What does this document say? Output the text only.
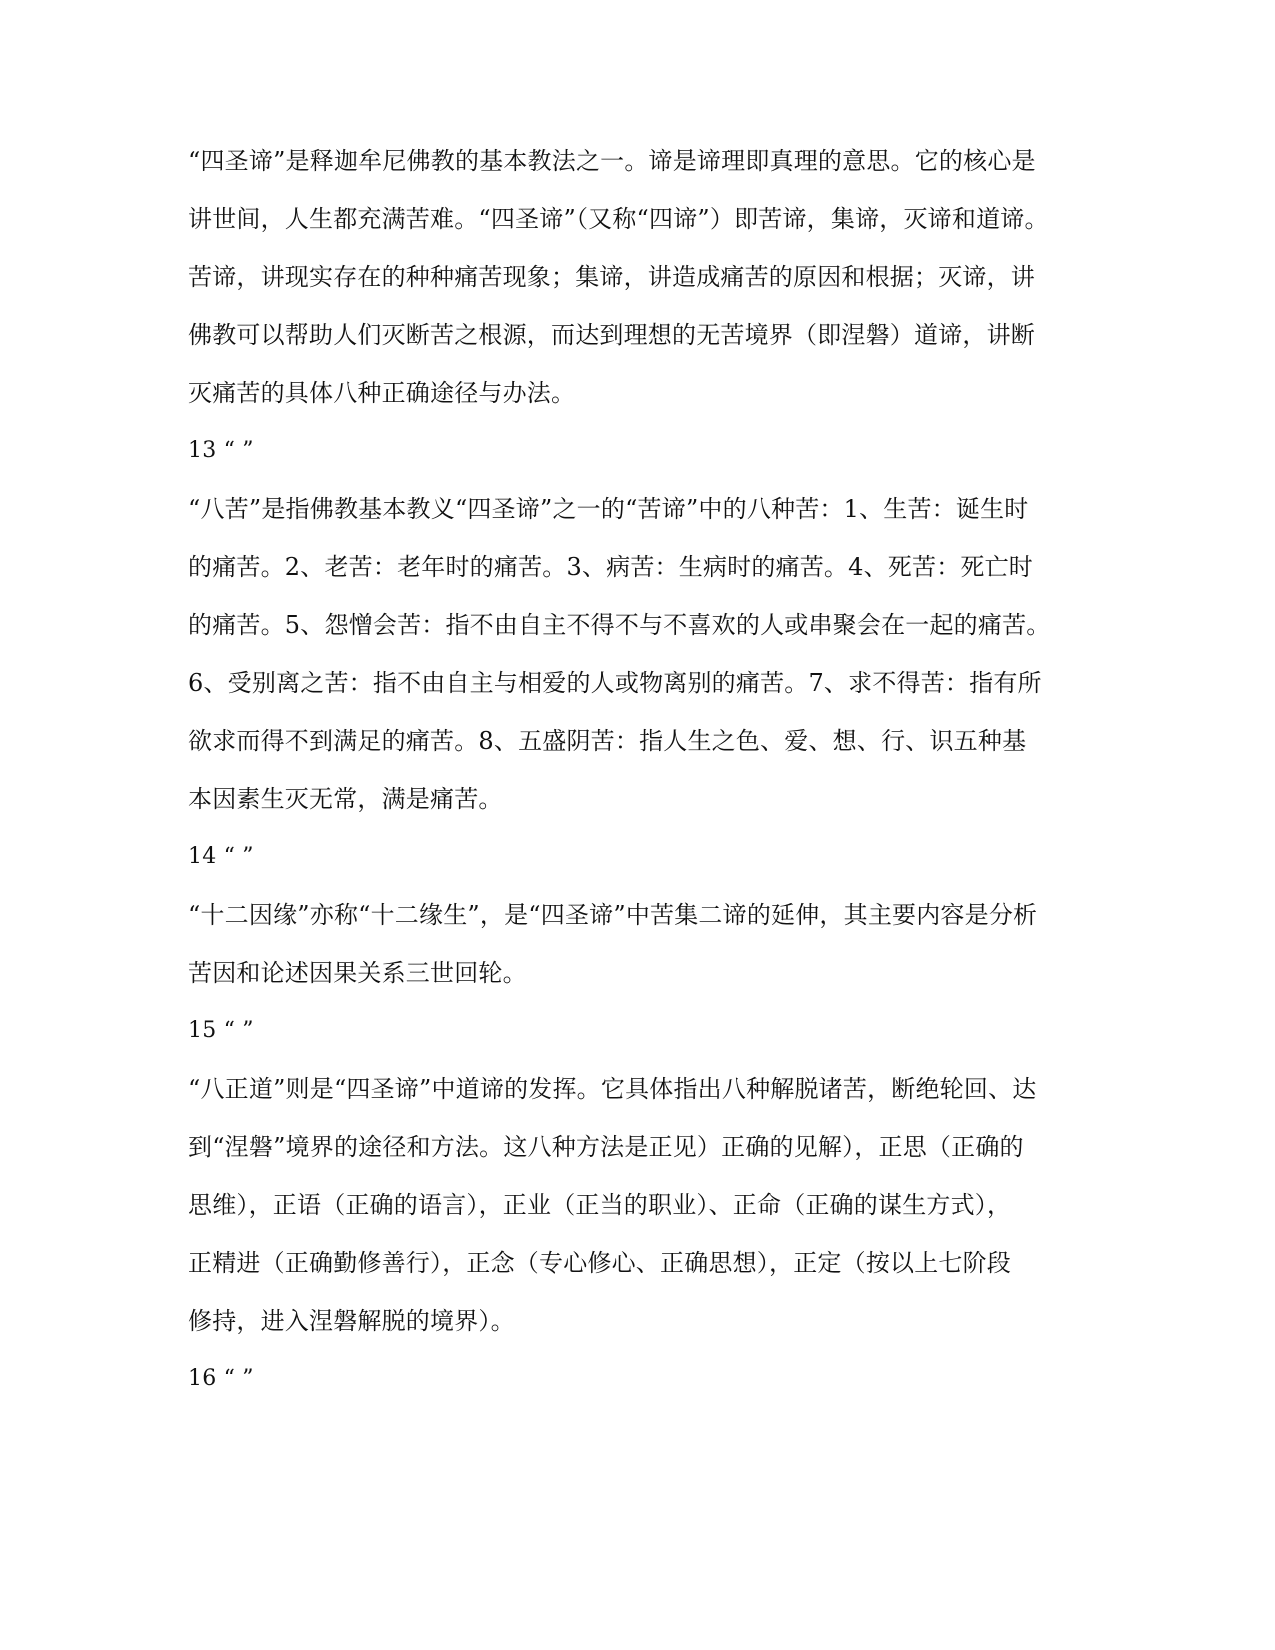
“四圣谛”是释迦牟尼佛教的基本教法之一。谛是谛理即真理的意思。它的核心是
讲世间，人生都充满苦难。“四圣谛”（又称“四谛”）即苦谛，集谛，灭谛和道谛。
苦谛，讲现实存在的种种痛苦现象；集谛，讲造成痛苦的原因和根据；灭谛，讲
佛教可以帮助人们灭断苦之根源，而达到理想的无苦境界（即涅磐）道谛，讲断
灭痛苦的具体八种正确途径与办法。
13 “ ”
“八苦”是指佛教基本教义“四圣谛”之一的“苦谛”中的八种苦：1、生苦：诞生时
的痛苦。2、老苦：老年时的痛苦。3、病苦：生病时的痛苦。4、死苦：死亡时
的痛苦。5、怨憎会苦：指不由自主不得不与不喜欢的人或串聚会在一起的痛苦。
6、受别离之苦：指不由自主与相爱的人或物离别的痛苦。7、求不得苦：指有所
欲求而得不到满足的痛苦。8、五盛阴苦：指人生之色、爱、想、行、识五种基
本因素生灭无常，满是痛苦。
14 “ ”
“十二因缘”亦称“十二缘生”，是“四圣谛”中苦集二谛的延伸，其主要内容是分析
苦因和论述因果关系三世回轮。
15 “ ”
“八正道”则是“四圣谛”中道谛的发挥。它具体指出八种解脱诸苦，断绝轮回、达
到“涅磐”境界的途径和方法。这八种方法是正见）正确的见解），正思（正确的
思维），正语（正确的语言），正业（正当的职业）、正命（正确的谋生方式），
正精进（正确勤修善行），正念（专心修心、正确思想），正定（按以上七阶段
修持，进入涅磐解脱的境界）。
16 “ ”
